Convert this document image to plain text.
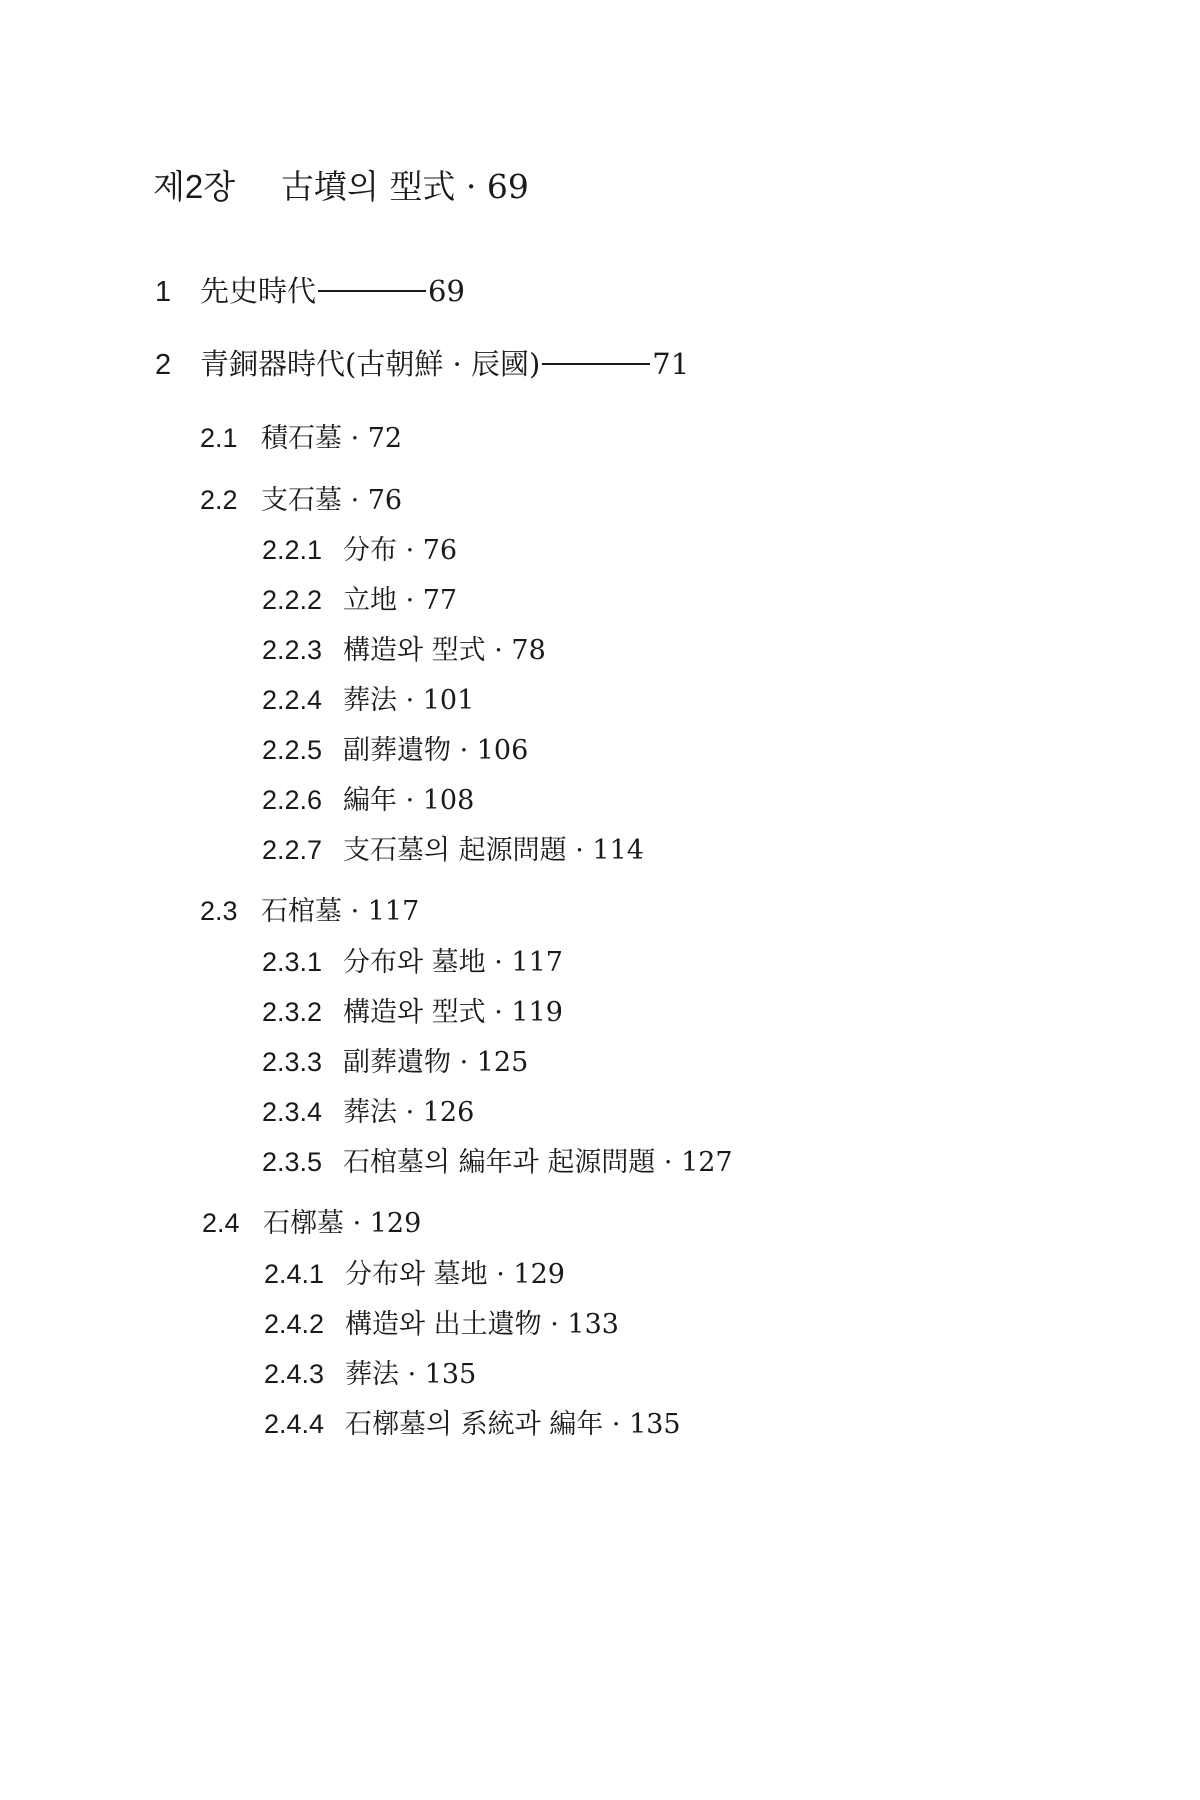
제2장 古墳의 型式 · 69
1 先史時代	69
2 青銅器時代(古朝鮮 · 辰國)	71
2.1 積石墓 · 72
2.2 支石墓 · 76
2.2.1 分布 · 76
2.2.2 立地 · 77
2.2.3 構造와 型式 · 78
2.2.4 葬法 · 101
2.2.5 副葬遺物 · 106
2.2.6 編年 · 108
2.2.7 支石墓의 起源問題 · 114
2.3 石棺墓 · 117
2.3.1 分布와 墓地 · 117
2.3.2 構造와 型式 · 119
2.3.3 副葬遺物 · 125
2.3.4 葬法 · 126
2.3.5 石棺墓의 編年과 起源問題 · 127
2.4 石槨墓 · 129
2.4.1 分布와 墓地 · 129
2.4.2 構造와 出土遺物 · 133
2.4.3 葬法 · 135
2.4.4 石槨墓의 系統과 編年 · 135
